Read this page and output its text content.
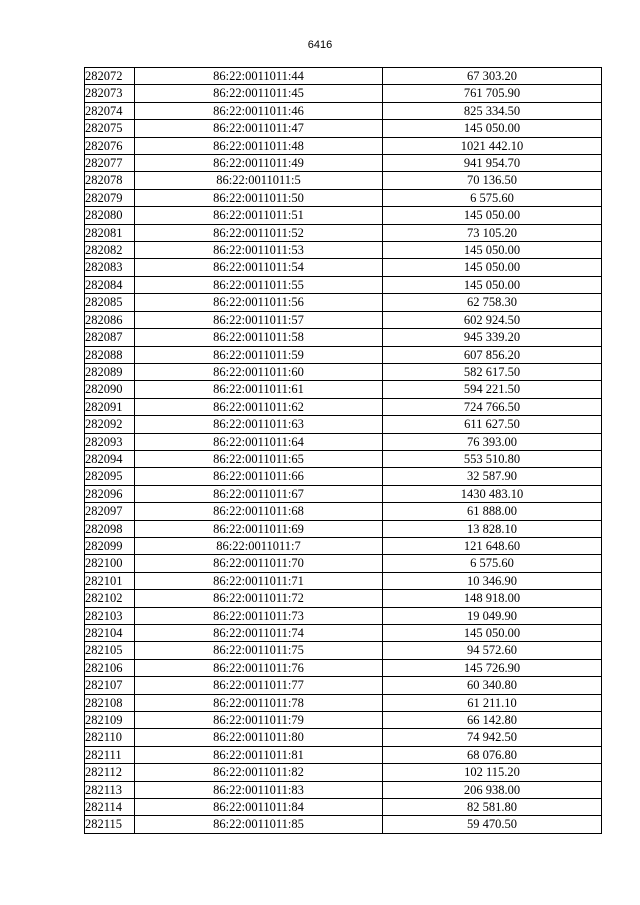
6416
282072	86:22:0011011:44	67 303.20
282073	86:22:0011011:45	761 705.90
282074	86:22:0011011:46	825 334.50
282075	86:22:0011011:47	145 050.00
282076	86:22:0011011:48	1021 442.10
282077	86:22:0011011:49	941 954.70
282078	86:22:0011011:5	70 136.50
282079	86:22:0011011:50	6 575.60
282080	86:22:0011011:51	145 050.00
282081	86:22:0011011:52	73 105.20
282082	86:22:0011011:53	145 050.00
282083	86:22:0011011:54	145 050.00
282084	86:22:0011011:55	145 050.00
282085	86:22:0011011:56	62 758.30
282086	86:22:0011011:57	602 924.50
282087	86:22:0011011:58	945 339.20
282088	86:22:0011011:59	607 856.20
282089	86:22:0011011:60	582 617.50
282090	86:22:0011011:61	594 221.50
282091	86:22:0011011:62	724 766.50
282092	86:22:0011011:63	611 627.50
282093	86:22:0011011:64	76 393.00
282094	86:22:0011011:65	553 510.80
282095	86:22:0011011:66	32 587.90
282096	86:22:0011011:67	1430 483.10
282097	86:22:0011011:68	61 888.00
282098	86:22:0011011:69	13 828.10
282099	86:22:0011011:7	121 648.60
282100	86:22:0011011:70	6 575.60
282101	86:22:0011011:71	10 346.90
282102	86:22:0011011:72	148 918.00
282103	86:22:0011011:73	19 049.90
282104	86:22:0011011:74	145 050.00
282105	86:22:0011011:75	94 572.60
282106	86:22:0011011:76	145 726.90
282107	86:22:0011011:77	60 340.80
282108	86:22:0011011:78	61 211.10
282109	86:22:0011011:79	66 142.80
282110	86:22:0011011:80	74 942.50
282111	86:22:0011011:81	68 076.80
282112	86:22:0011011:82	102 115.20
282113	86:22:0011011:83	206 938.00
282114	86:22:0011011:84	82 581.80
282115	86:22:0011011:85	59 470.50
